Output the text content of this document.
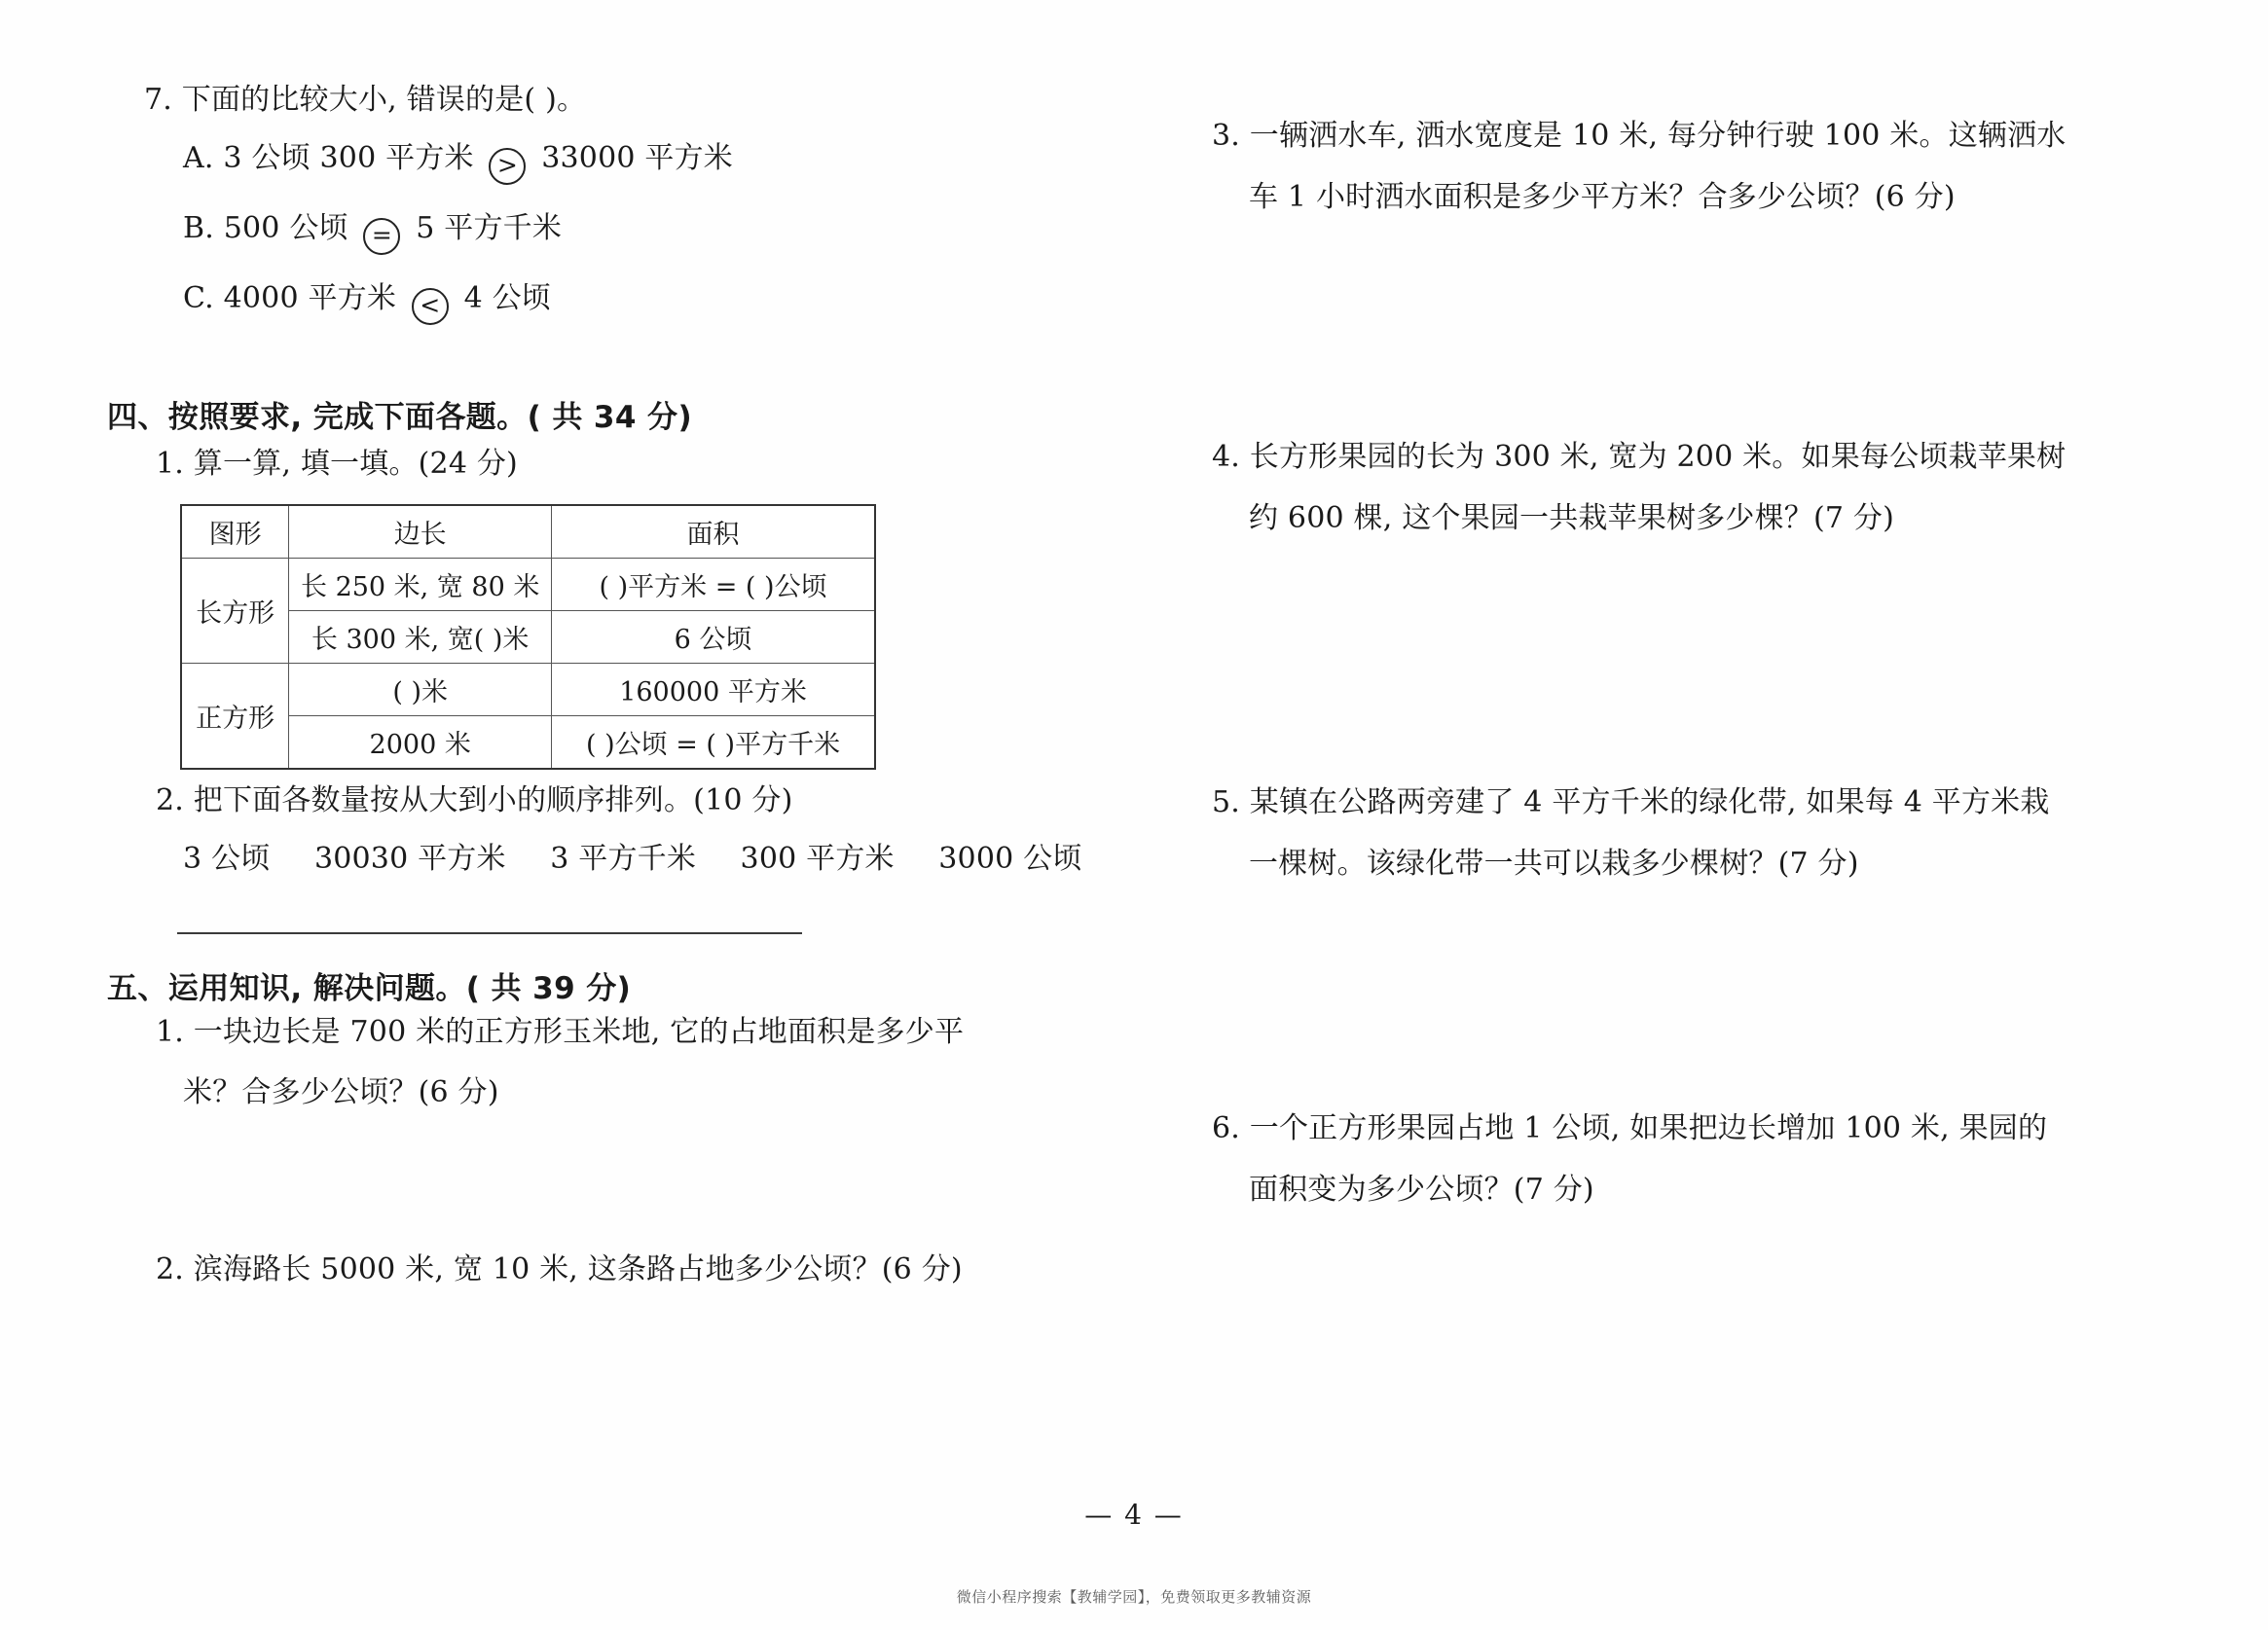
7. 下面的比较大小, 错误的是( )。
A. 3 公顷 300 平方米 > 33000 平方米
B. 500 公顷 = 5 平方千米
C. 4000 平方米 < 4 公顷
四、按照要求, 完成下面各题。( 共 34 分)
1. 算一算, 填一填。(24 分)
图形	边长	面积
长方形	长 250 米, 宽 80 米	( )平方米 = ( )公顷
	长 300 米, 宽( )米	6 公顷
正方形	( )米	160000 平方米
	2000 米	( )公顷 = ( )平方千米
2. 把下面各数量按从大到小的顺序排列。(10 分)
3 公顷 30030 平方米 3 平方千米 300 平方米 3000 公顷
五、运用知识, 解决问题。( 共 39 分)
1. 一块边长是 700 米的正方形玉米地, 它的占地面积是多少平
米？合多少公顷？(6 分)
2. 滨海路长 5000 米, 宽 10 米, 这条路占地多少公顷？(6 分)
3. 一辆洒水车, 洒水宽度是 10 米, 每分钟行驶 100 米。这辆洒水
车 1 小时洒水面积是多少平方米？合多少公顷？(6 分)
4. 长方形果园的长为 300 米, 宽为 200 米。如果每公顷栽苹果树
约 600 棵, 这个果园一共栽苹果树多少棵？(7 分)
5. 某镇在公路两旁建了 4 平方千米的绿化带, 如果每 4 平方米栽
一棵树。该绿化带一共可以栽多少棵树？(7 分)
6. 一个正方形果园占地 1 公顷, 如果把边长增加 100 米, 果园的
面积变为多少公顷？(7 分)
— 4 —
微信小程序搜索【教辅学园】，免费领取更多教辅资源
